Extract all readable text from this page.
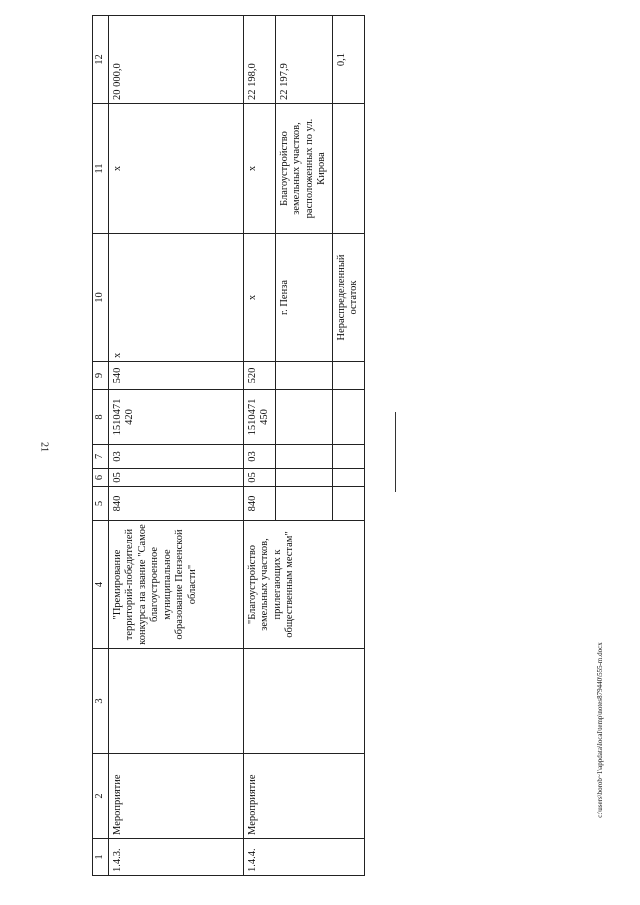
21
c:\users\borob~1\appdata\local\temp\notes879440\555-m.docx
1	2	3	4	5	6	7	8	9	10	11	12
1.4.3.	Мероприятие		"Премирование территорий-победителей конкурса на звание "Самое благоустроенное муниципальное образование Пензенской области"	840	05	03	1510471 420	540	х	х	20 000,0
1.4.4.	Мероприятие		"Благоустройство земельных участков, прилегающих к общественным местам"	840	05	03	1510471 450	520	х	х	22 198,0
									г. Пенза	Благоустройство земельных участков, расположенных по ул. Кирова	22 197,9
									Нераспределенный остаток		0,1
